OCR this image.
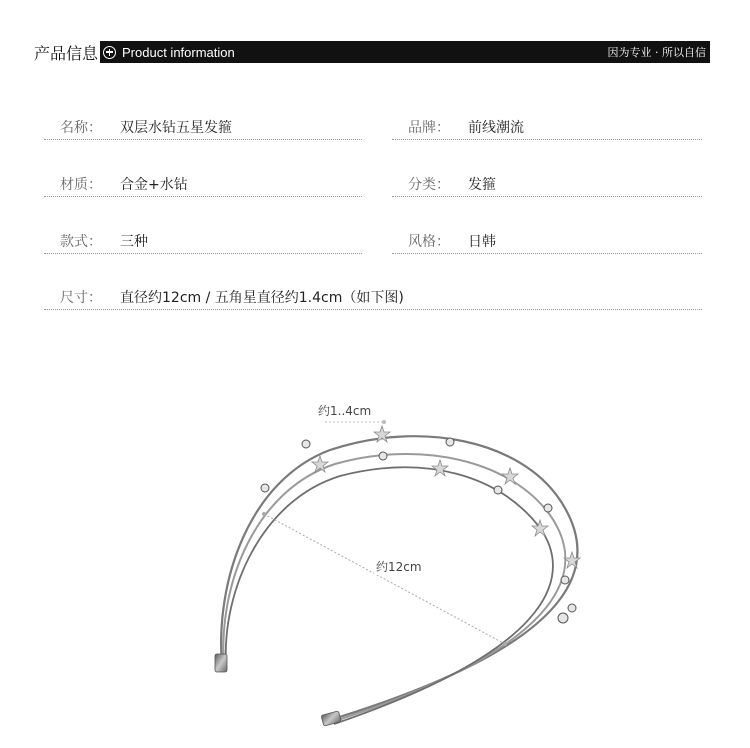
产品信息 Product information	因为专业 · 所以自信
名称：	双层水钻五星发箍	品牌：	前线潮流
材质：	合金+水钻	分类：	发箍
款式：	三种	风格：	日韩
尺寸：	直径约12cm / 五角星直径约1.4cm（如下图)
约1..4cm
约12cm
